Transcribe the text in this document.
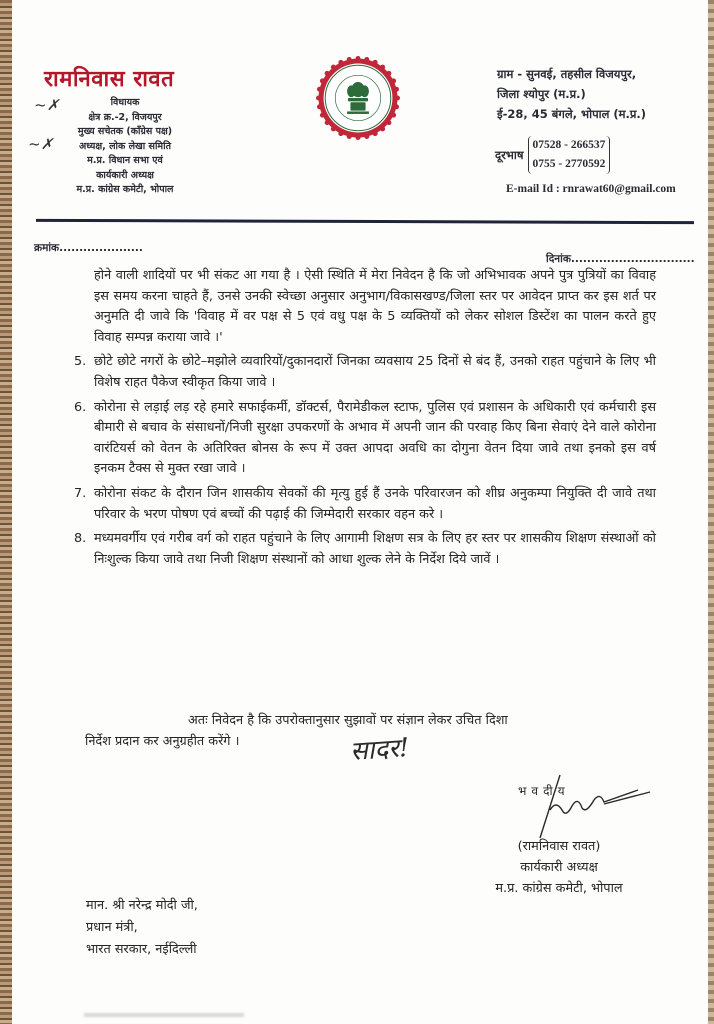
रामनिवास रावत
~✗
~✗
विधायक
क्षेत्र क्र.-2, विजयपुर
मुख्य सचेतक (कॉंग्रेस पक्ष)
अध्यक्ष, लोक लेखा समिति
म.प्र. विधान सभा एवं
कार्यकारी अध्यक्ष
म.प्र. कांग्रेस कमेटी, भोपाल
ग्राम - सुनवई, तहसील विजयपुर,
जिला श्योपुर (म.प्र.)
ई-28, 45 बंगले, भोपाल (म.प्र.)
दूरभाष
07528 - 266537
0755 - 2770592
E-mail Id : rnrawat60@gmail.com
क्रमांक.....................
दिनांक...............................

होने वाली शादियों पर भी संकट आ गया है । ऐसी स्थिति में मेरा निवेदन है कि जो अभिभावक अपने पुत्र पुत्रियों का विवाह इस समय करना चाहते हैं, उनसे उनकी स्वेच्छा अनुसार अनुभाग/विकासखण्ड/जिला स्तर पर आवेदन प्राप्त कर इस शर्त पर अनुमति दी जावे कि 'विवाह में वर पक्ष से 5 एवं वधु पक्ष के 5 व्यक्तियों को लेकर सोशल डिस्टेंश का पालन करते हुए विवाह सम्पन्न कराया जावे ।'

5. छोटे छोटे नगरों के छोटे–मझोले व्यवारियों/दुकानदारों जिनका व्यवसाय 25 दिनों से बंद हैं, उनको राहत पहुंचाने के लिए भी विशेष राहत पैकेज स्वीकृत किया जावे ।

6. कोरोना से लड़ाई लड़ रहे हमारे सफाईकर्मी, डॉक्टर्स, पैरामेडीकल स्टाफ, पुलिस एवं प्रशासन के अधिकारी एवं कर्मचारी इस बीमारी से बचाव के संसाधनों/निजी सुरक्षा उपकरणों के अभाव में अपनी जान की परवाह किए बिना सेवाएं देने वाले कोरोना वारंटियर्स को वेतन के अतिरिक्त बोनस के रूप में उक्त आपदा अवधि का दोगुना वेतन दिया जावे तथा इनको इस वर्ष इनकम टैक्स से मुक्त रखा जावे ।

7. कोरोना संकट के दौरान जिन शासकीय सेवकों की मृत्यु हुई हैं उनके परिवारजन को शीघ्र अनुकम्पा नियुक्ति दी जावे तथा परिवार के भरण पोषण एवं बच्चों की पढ़ाई की जिम्मेदारी सरकार वहन करे ।

8. मध्यमवर्गीय एवं गरीब वर्ग को राहत पहुंचाने के लिए आगामी शिक्षण सत्र के लिए हर स्तर पर शासकीय शिक्षण संस्थाओं को निःशुल्क किया जावे तथा निजी शिक्षण संस्थानों को आधा शुल्क लेने के निर्देश दिये जावें ।

अतः निवेदन है कि उपरोक्तानुसार सुझावों पर संज्ञान लेकर उचित दिशा
निर्देश प्रदान कर अनुग्रहीत करेंगे ।	सादर!
भवदीय
(रामनिवास रावत)
कार्यकारी अध्यक्ष
म.प्र. कांग्रेस कमेटी, भोपाल
मान. श्री नरेन्द्र मोदी जी,
प्रधान मंत्री,
भारत सरकार, नईदिल्ली
